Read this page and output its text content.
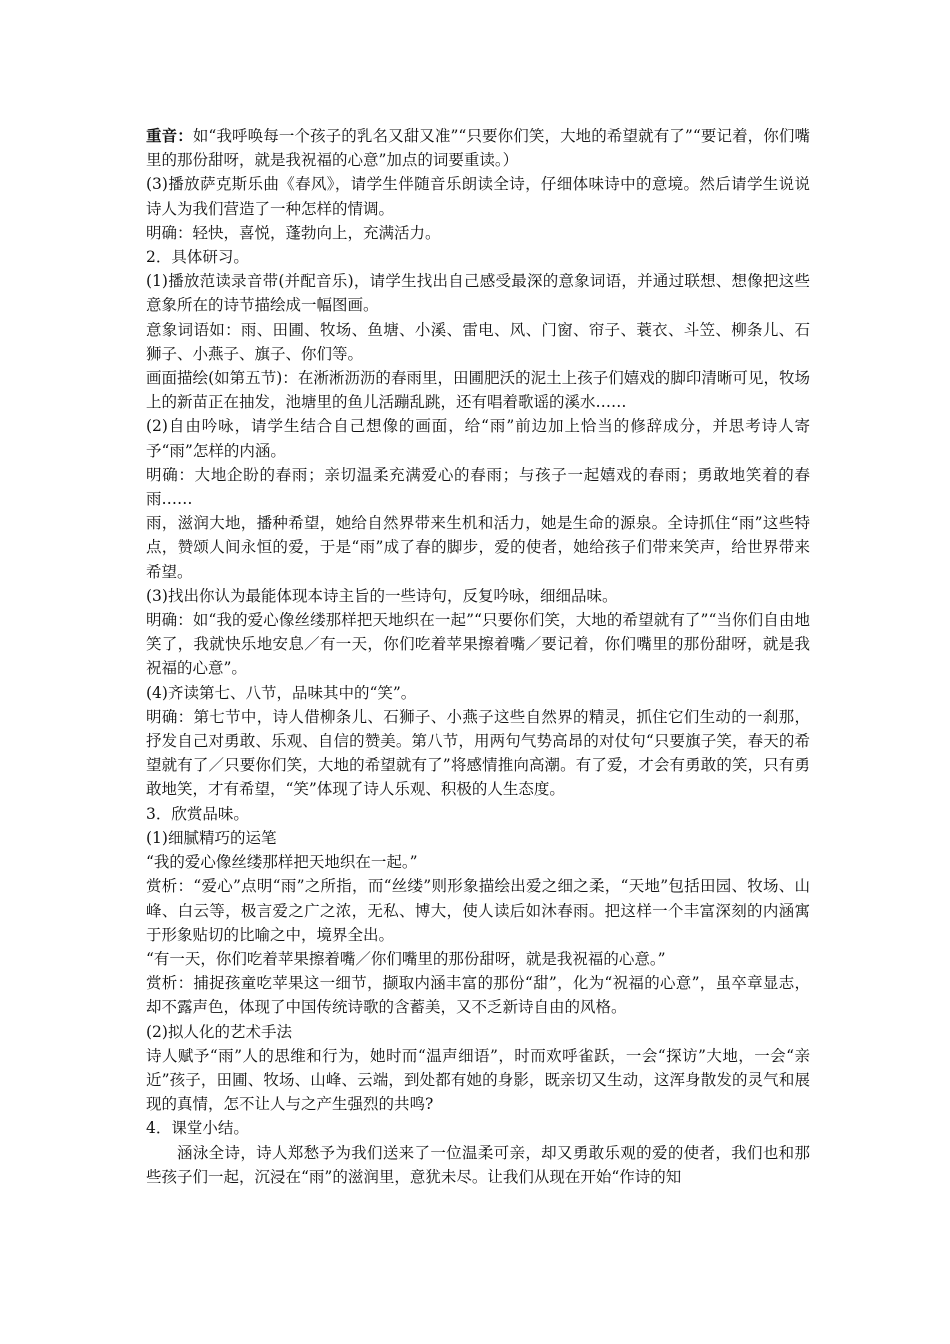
重音：如“我呼唤每一个孩子的乳名又甜又准”“只要你们笑，大地的希望就有了”“要记着，你们嘴里的那份甜呀，就是我祝福的心意”加点的词要重读。）

(3)播放萨克斯乐曲《春风》，请学生伴随音乐朗读全诗，仔细体味诗中的意境。然后请学生说说诗人为我们营造了一种怎样的情调。

明确：轻快，喜悦，蓬勃向上，充满活力。

2．具体研习。

(1)播放范读录音带(并配音乐)，请学生找出自己感受最深的意象词语，并通过联想、想像把这些意象所在的诗节描绘成一幅图画。

意象词语如：雨、田圃、牧场、鱼塘、小溪、雷电、风、门窗、帘子、蓑衣、斗笠、柳条儿、石狮子、小燕子、旗子、你们等。

画面描绘(如第五节)：在淅淅沥沥的春雨里，田圃肥沃的泥土上孩子们嬉戏的脚印清晰可见，牧场上的新苗正在抽发，池塘里的鱼儿活蹦乱跳，还有唱着歌谣的溪水……

(2)自由吟咏，请学生结合自己想像的画面，给“雨”前边加上恰当的修辞成分，并思考诗人寄予“雨”怎样的内涵。

明确：大地企盼的春雨；亲切温柔充满爱心的春雨；与孩子一起嬉戏的春雨；勇敢地笑着的春雨……

雨，滋润大地，播种希望，她给自然界带来生机和活力，她是生命的源泉。全诗抓住“雨”这些特点，赞颂人间永恒的爱，于是“雨”成了春的脚步，爱的使者，她给孩子们带来笑声，给世界带来希望。

(3)找出你认为最能体现本诗主旨的一些诗句，反复吟咏，细细品味。

明确：如“我的爱心像丝缕那样把天地织在一起”“只要你们笑，大地的希望就有了”“当你们自由地笑了，我就快乐地安息／有一天，你们吃着苹果擦着嘴／要记着，你们嘴里的那份甜呀，就是我祝福的心意”。

(4)齐读第七、八节，品味其中的“笑”。

明确：第七节中，诗人借柳条儿、石狮子、小燕子这些自然界的精灵，抓住它们生动的一刹那，抒发自己对勇敢、乐观、自信的赞美。第八节，用两句气势高昂的对仗句“只要旗子笑，春天的希望就有了／只要你们笑，大地的希望就有了”将感情推向高潮。有了爱，才会有勇敢的笑，只有勇敢地笑，才有希望，“笑”体现了诗人乐观、积极的人生态度。

3．欣赏品味。

(1)细腻精巧的运笔

“我的爱心像丝缕那样把天地织在一起。”

赏析：“爱心”点明“雨”之所指，而“丝缕”则形象描绘出爱之细之柔，“天地”包括田园、牧场、山峰、白云等，极言爱之广之浓，无私、博大，使人读后如沐春雨。把这样一个丰富深刻的内涵寓于形象贴切的比喻之中，境界全出。

“有一天，你们吃着苹果擦着嘴／你们嘴里的那份甜呀，就是我祝福的心意。”

赏析：捕捉孩童吃苹果这一细节，撷取内涵丰富的那份“甜”，化为“祝福的心意”，虽卒章显志，却不露声色，体现了中国传统诗歌的含蓄美，又不乏新诗自由的风格。

(2)拟人化的艺术手法

诗人赋予“雨”人的思维和行为，她时而“温声细语”，时而欢呼雀跃，一会“探访”大地，一会“亲近”孩子，田圃、牧场、山峰、云端，到处都有她的身影，既亲切又生动，这浑身散发的灵气和展现的真情，怎不让人与之产生强烈的共鸣?

4．课堂小结。

涵泳全诗，诗人郑愁予为我们送来了一位温柔可亲，却又勇敢乐观的爱的使者，我们也和那些孩子们一起，沉浸在“雨”的滋润里，意犹未尽。让我们从现在开始“作诗的知
